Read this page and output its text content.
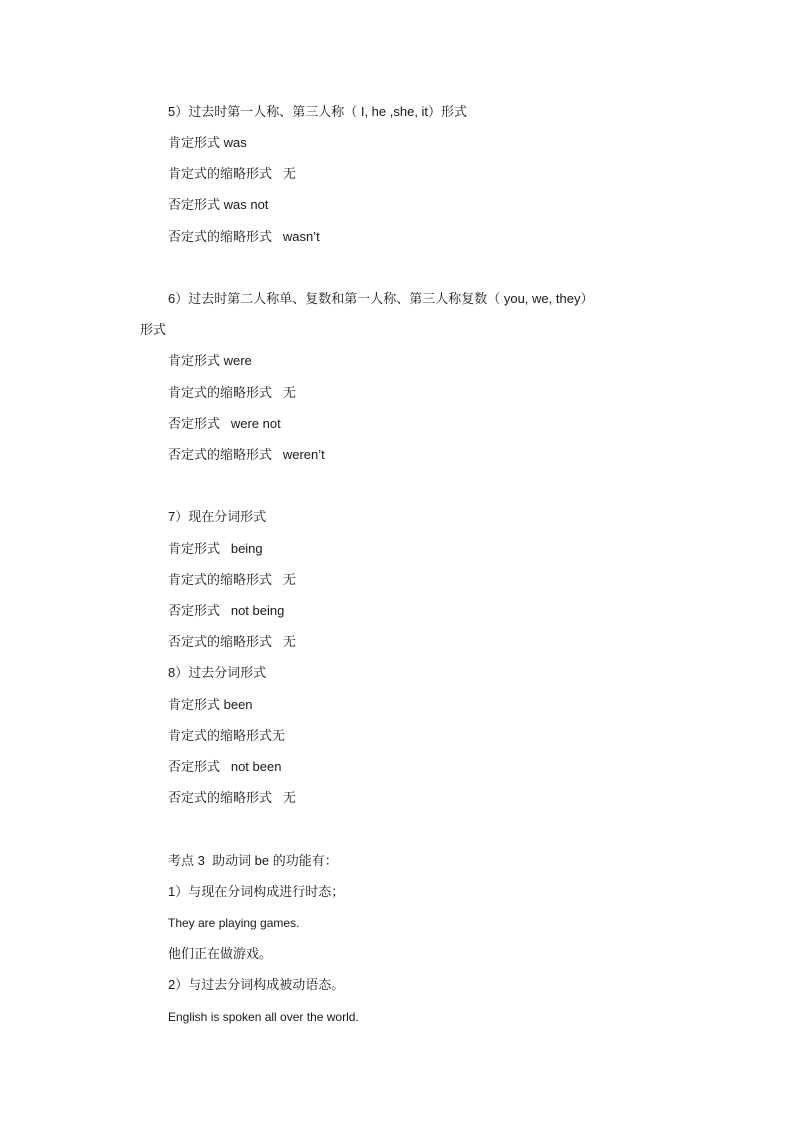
5）过去时第一人称、第三人称（ I, he ,she, it）形式
肯定形式 was
肯定式的缩略形式   无
否定形式 was not
否定式的缩略形式   wasn’t
6）过去时第二人称单、复数和第一人称、第三人称复数（ you, we, they）
形式
肯定形式 were
肯定式的缩略形式   无
否定形式   were not
否定式的缩略形式   weren’t
7）现在分词形式
肯定形式   being
肯定式的缩略形式   无
否定形式   not being
否定式的缩略形式   无
8）过去分词形式
肯定形式 been
肯定式的缩略形式无
否定形式   not been
否定式的缩略形式   无
考点 3  助动词 be 的功能有：
1）与现在分词构成进行时态；
They are playing games.
他们正在做游戏。
2）与过去分词构成被动语态。
English is spoken all over the world.
